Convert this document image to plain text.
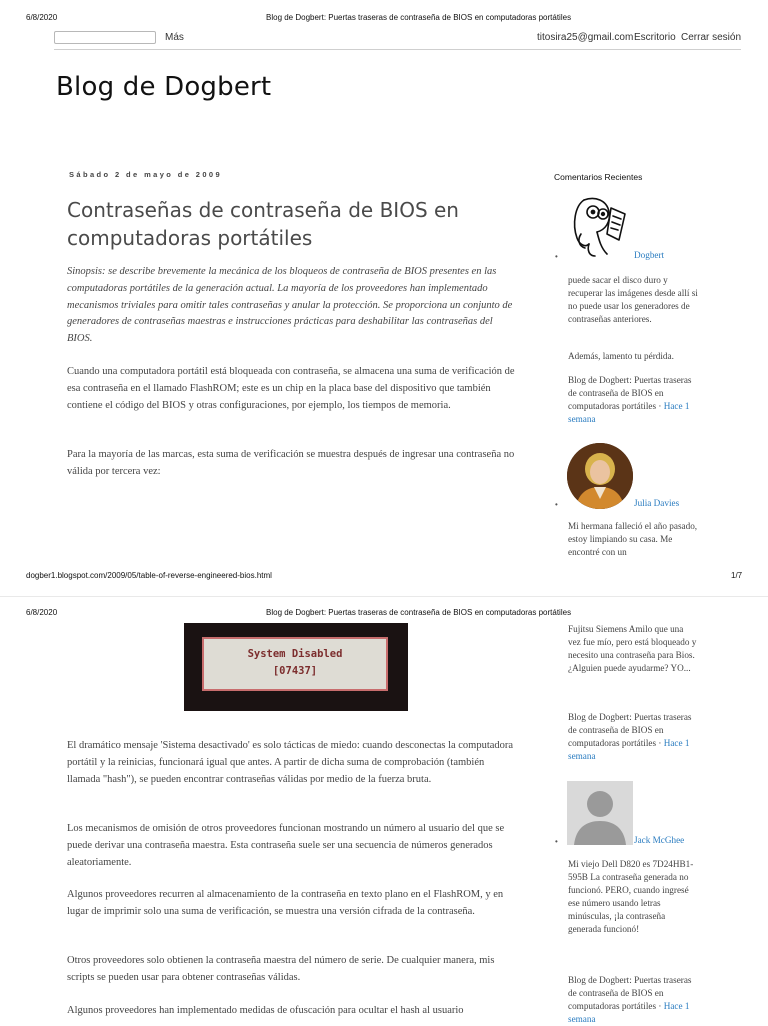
6/8/2020	Blog de Dogbert: Puertas traseras de contraseña de BIOS en computadoras portátiles
Más	titosira25@gmail.com Escritorio Cerrar sesión
Blog de Dogbert
Sábado 2 de mayo de 2009
Contraseñas de contraseña de BIOS en computadoras portátiles
Sinopsis: se describe brevemente la mecánica de los bloqueos de contraseña de BIOS presentes en las computadoras portátiles de la generación actual. La mayoría de los proveedores han implementado mecanismos triviales para omitir tales contraseñas y anular la protección. Se proporciona un conjunto de generadores de contraseñas maestras e instrucciones prácticas para deshabilitar las contraseñas del BIOS.
Cuando una computadora portátil está bloqueada con contraseña, se almacena una suma de verificación de esa contraseña en el llamado FlashROM; este es un chip en la placa base del dispositivo que también contiene el código del BIOS y otras configuraciones, por ejemplo, los tiempos de memoria.
Para la mayoría de las marcas, esta suma de verificación se muestra después de ingresar una contraseña no válida por tercera vez:
Comentarios Recientes
•	Dogbert
puede sacar el disco duro y recuperar las imágenes desde allí si no puede usar los generadores de contraseñas anteriores.
Además, lamento tu pérdida.
Blog de Dogbert: Puertas traseras de contraseña de BIOS en computadoras portátiles · Hace 1 semana
•	Julia Davies
Mi hermana falleció el año pasado, estoy limpiando su casa. Me encontré con un
dogber1.blogspot.com/2009/05/table-of-reverse-engineered-bios.html	1/7
6/8/2020	Blog de Dogbert: Puertas traseras de contraseña de BIOS en computadoras portátiles
System Disabled
[07437]
El dramático mensaje 'Sistema desactivado' es solo tácticas de miedo: cuando desconectas la computadora portátil y la reinicias, funcionará igual que antes. A partir de dicha suma de comprobación (también llamada "hash"), se pueden encontrar contraseñas válidas por medio de la fuerza bruta.
Los mecanismos de omisión de otros proveedores funcionan mostrando un número al usuario del que se puede derivar una contraseña maestra. Esta contraseña suele ser una secuencia de números generados aleatoriamente.
Algunos proveedores recurren al almacenamiento de la contraseña en texto plano en el FlashROM, y en lugar de imprimir solo una suma de verificación, se muestra una versión cifrada de la contraseña.
Otros proveedores solo obtienen la contraseña maestra del número de serie. De cualquier manera, mis scripts se pueden usar para obtener contraseñas válidas.
Algunos proveedores han implementado medidas de ofuscación para ocultar el hash al usuario
Fujitsu Siemens Amilo que una vez fue mío, pero está bloqueado y necesito una contraseña para Bios. ¿Alguien puede ayudarme? YO...
Blog de Dogbert: Puertas traseras de contraseña de BIOS en computadoras portátiles · Hace 1 semana
•	Jack McGhee
Mi viejo Dell D820 es 7D24HB1-595B La contraseña generada no funcionó. PERO, cuando ingresé ese número usando letras minúsculas, ¡la contraseña generada funcionó!
Blog de Dogbert: Puertas traseras de contraseña de BIOS en computadoras portátiles · Hace 1 semana
